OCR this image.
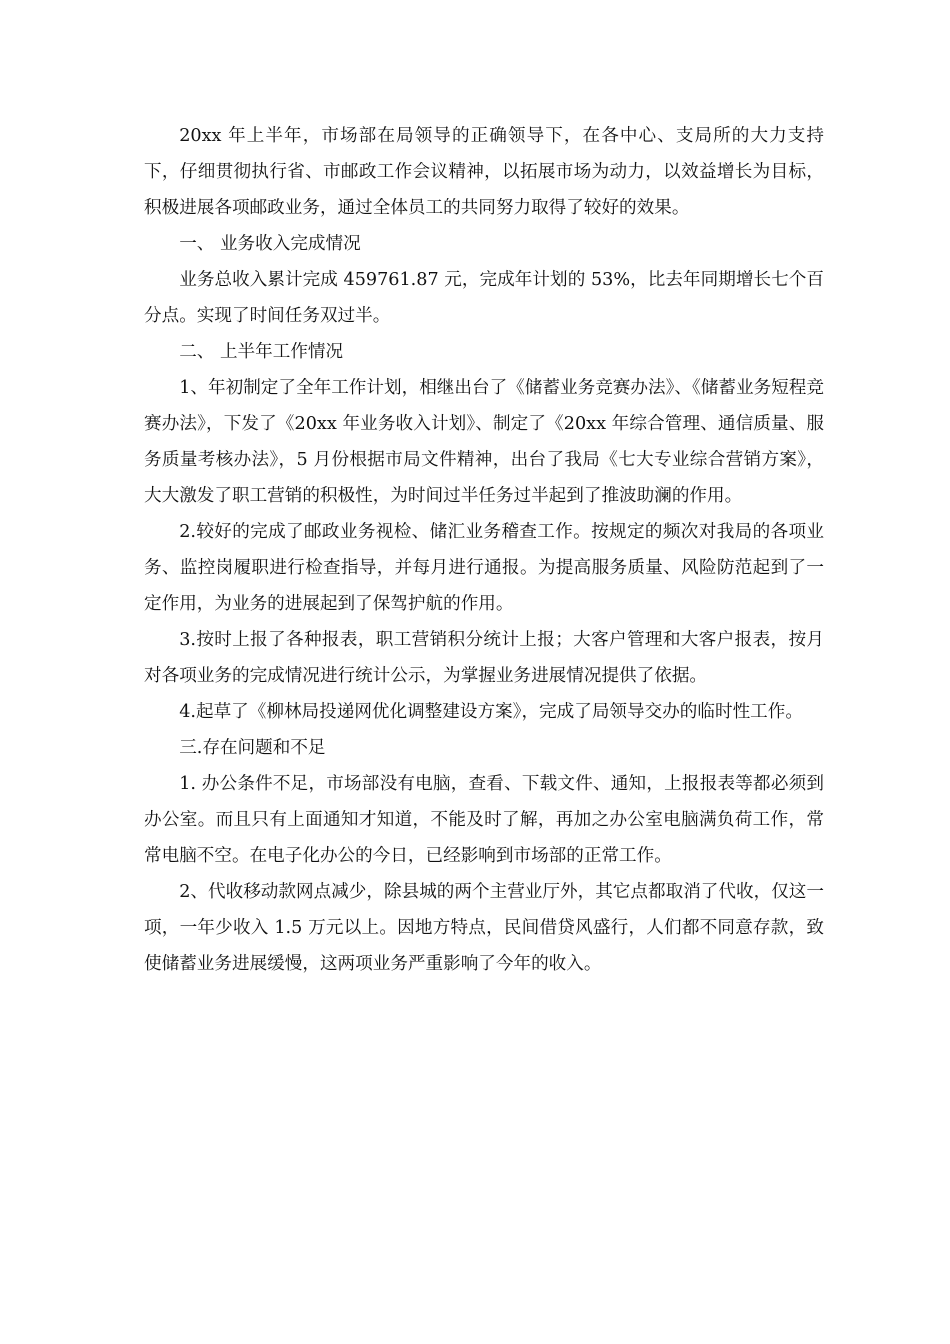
20xx 年上半年，市场部在局领导的正确领导下，在各中心、支局所的大力支持下，仔细贯彻执行省、市邮政工作会议精神，以拓展市场为动力，以效益增长为目标，积极进展各项邮政业务，通过全体员工的共同努力取得了较好的效果。

一、 业务收入完成情况

业务总收入累计完成 459761.87 元，完成年计划的 53%，比去年同期增长七个百分点。实现了时间任务双过半。

二、 上半年工作情况

1、年初制定了全年工作计划，相继出台了《储蓄业务竞赛办法》、《储蓄业务短程竞赛办法》，下发了《20xx 年业务收入计划》、制定了《20xx 年综合管理、通信质量、服务质量考核办法》，5 月份根据市局文件精神，出台了我局《七大专业综合营销方案》，大大激发了职工营销的积极性，为时间过半任务过半起到了推波助澜的作用。

2.较好的完成了邮政业务视检、储汇业务稽查工作。按规定的频次对我局的各项业务、监控岗履职进行检查指导，并每月进行通报。为提高服务质量、风险防范起到了一定作用，为业务的进展起到了保驾护航的作用。

3.按时上报了各种报表，职工营销积分统计上报；大客户管理和大客户报表，按月对各项业务的完成情况进行统计公示，为掌握业务进展情况提供了依据。

4.起草了《柳林局投递网优化调整建设方案》，完成了局领导交办的临时性工作。

三.存在问题和不足

1. 办公条件不足，市场部没有电脑，查看、下载文件、通知，上报报表等都必须到办公室。而且只有上面通知才知道，不能及时了解，再加之办公室电脑满负荷工作，常常电脑不空。在电子化办公的今日，已经影响到市场部的正常工作。

2、代收移动款网点减少，除县城的两个主营业厅外，其它点都取消了代收，仅这一项，一年少收入 1.5 万元以上。因地方特点，民间借贷风盛行，人们都不同意存款，致使储蓄业务进展缓慢，这两项业务严重影响了今年的收入。
